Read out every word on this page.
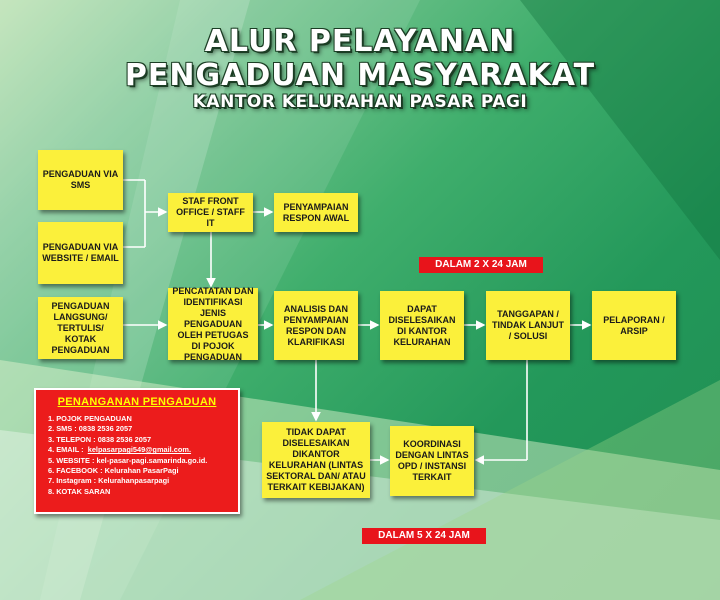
ALUR PELAYANAN
PENGADUAN MASYARAKAT
KANTOR KELURAHAN PASAR PAGI
PENGADUAN VIA SMS
PENGADUAN VIA WEBSITE / EMAIL
PENGADUAN LANGSUNG/ TERTULIS/ KOTAK PENGADUAN
STAF FRONT OFFICE / STAFF IT
PENYAMPAIAN RESPON AWAL
PENCATATAN DAN IDENTIFIKASI JENIS PENGADUAN OLEH PETUGAS DI POJOK PENGADUAN
ANALISIS DAN PENYAMPAIAN RESPON DAN KLARIFIKASI
DAPAT DISELESAIKAN DI KANTOR KELURAHAN
TANGGAPAN / TINDAK LANJUT / SOLUSI
PELAPORAN / ARSIP
TIDAK DAPAT DISELESAIKAN DIKANTOR KELURAHAN (LINTAS SEKTORAL DAN/ ATAU TERKAIT KEBIJAKAN)
KOORDINASI DENGAN LINTAS OPD / INSTANSI TERKAIT
DALAM 2 X 24 JAM
DALAM 5 X 24 JAM
PENANGANAN PENGADUAN
1. POJOK PENGADUAN
2. SMS : 0838 2536 2057
3. TELEPON : 0838 2536 2057
4. EMAIL : kelpasarpagi549@gmail.com.
5. WEBSITE : kel-pasar-pagi.samarinda.go.id.
6. FACEBOOK : Kelurahan PasarPagi
7. Instagram : Kelurahanpasarpagi
8. KOTAK SARAN
